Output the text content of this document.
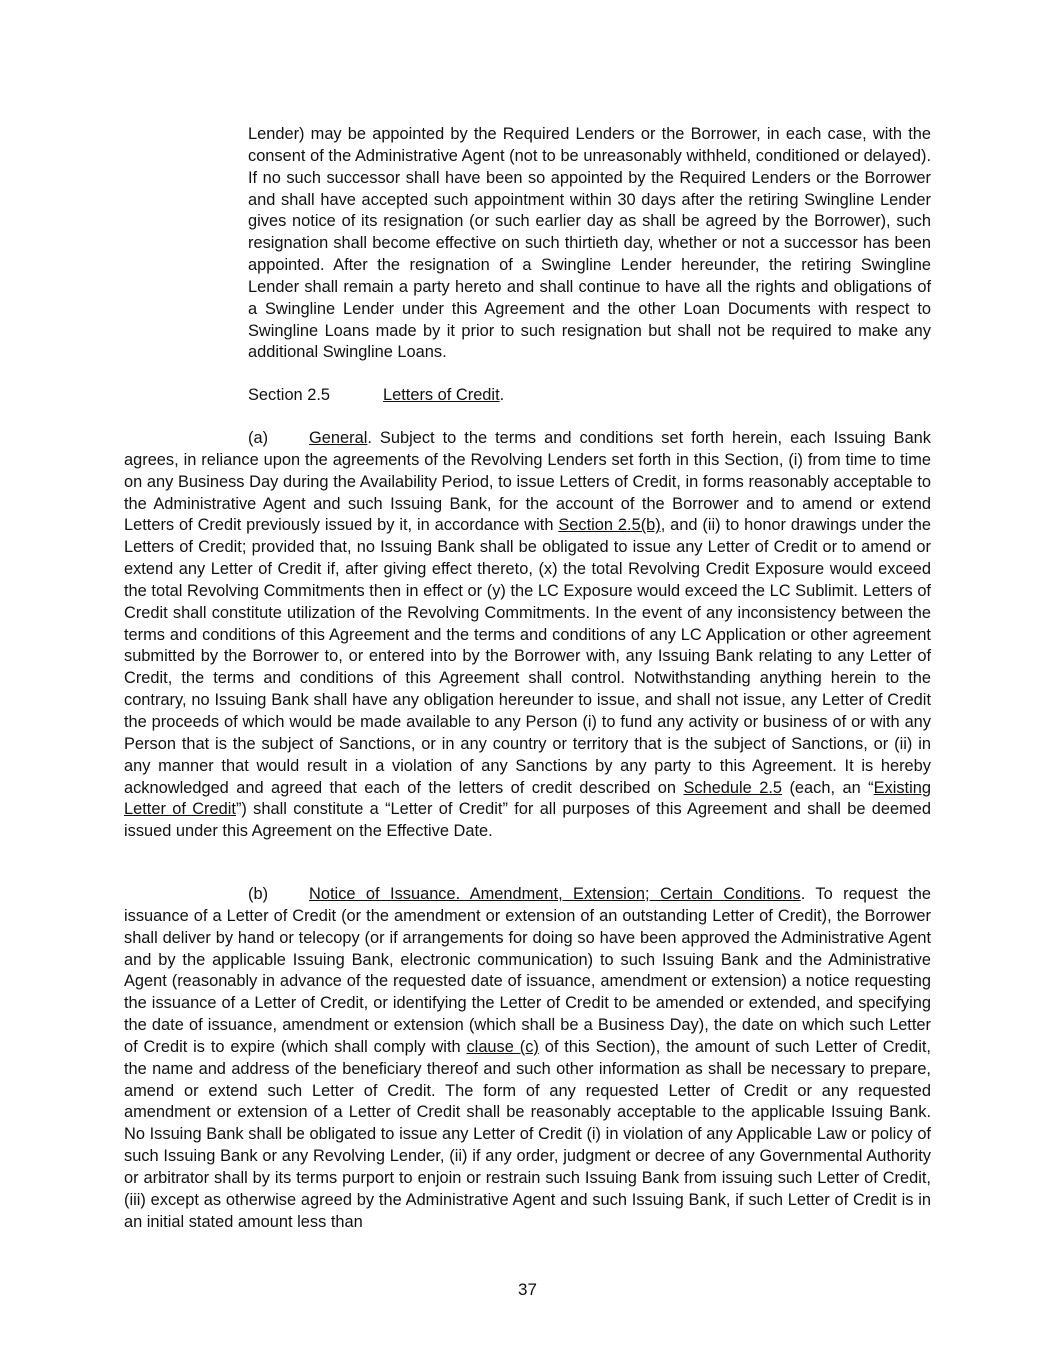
Lender) may be appointed by the Required Lenders or the Borrower, in each case, with the consent of the Administrative Agent (not to be unreasonably withheld, conditioned or delayed). If no such successor shall have been so appointed by the Required Lenders or the Borrower and shall have accepted such appointment within 30 days after the retiring Swingline Lender gives notice of its resignation (or such earlier day as shall be agreed by the Borrower), such resignation shall become effective on such thirtieth day, whether or not a successor has been appointed. After the resignation of a Swingline Lender hereunder, the retiring Swingline Lender shall remain a party hereto and shall continue to have all the rights and obligations of a Swingline Lender under this Agreement and the other Loan Documents with respect to Swingline Loans made by it prior to such resignation but shall not be required to make any additional Swingline Loans.

Section 2.5	Letters of Credit.

(a)	General. Subject to the terms and conditions set forth herein, each Issuing Bank agrees, in reliance upon the agreements of the Revolving Lenders set forth in this Section, (i) from time to time on any Business Day during the Availability Period, to issue Letters of Credit, in forms reasonably acceptable to the Administrative Agent and such Issuing Bank, for the account of the Borrower and to amend or extend Letters of Credit previously issued by it, in accordance with Section 2.5(b), and (ii) to honor drawings under the Letters of Credit; provided that, no Issuing Bank shall be obligated to issue any Letter of Credit or to amend or extend any Letter of Credit if, after giving effect thereto, (x) the total Revolving Credit Exposure would exceed the total Revolving Commitments then in effect or (y) the LC Exposure would exceed the LC Sublimit. Letters of Credit shall constitute utilization of the Revolving Commitments. In the event of any inconsistency between the terms and conditions of this Agreement and the terms and conditions of any LC Application or other agreement submitted by the Borrower to, or entered into by the Borrower with, any Issuing Bank relating to any Letter of Credit, the terms and conditions of this Agreement shall control. Notwithstanding anything herein to the contrary, no Issuing Bank shall have any obligation hereunder to issue, and shall not issue, any Letter of Credit the proceeds of which would be made available to any Person (i) to fund any activity or business of or with any Person that is the subject of Sanctions, or in any country or territory that is the subject of Sanctions, or (ii) in any manner that would result in a violation of any Sanctions by any party to this Agreement. It is hereby acknowledged and agreed that each of the letters of credit described on Schedule 2.5 (each, an “Existing Letter of Credit”) shall constitute a “Letter of Credit” for all purposes of this Agreement and shall be deemed issued under this Agreement on the Effective Date.

(b)	Notice of Issuance. Amendment, Extension; Certain Conditions. To request the issuance of a Letter of Credit (or the amendment or extension of an outstanding Letter of Credit), the Borrower shall deliver by hand or telecopy (or if arrangements for doing so have been approved the Administrative Agent and by the applicable Issuing Bank, electronic communication) to such Issuing Bank and the Administrative Agent (reasonably in advance of the requested date of issuance, amendment or extension) a notice requesting the issuance of a Letter of Credit, or identifying the Letter of Credit to be amended or extended, and specifying the date of issuance, amendment or extension (which shall be a Business Day), the date on which such Letter of Credit is to expire (which shall comply with clause (c) of this Section), the amount of such Letter of Credit, the name and address of the beneficiary thereof and such other information as shall be necessary to prepare, amend or extend such Letter of Credit. The form of any requested Letter of Credit or any requested amendment or extension of a Letter of Credit shall be reasonably acceptable to the applicable Issuing Bank. No Issuing Bank shall be obligated to issue any Letter of Credit (i) in violation of any Applicable Law or policy of such Issuing Bank or any Revolving Lender, (ii) if any order, judgment or decree of any Governmental Authority or arbitrator shall by its terms purport to enjoin or restrain such Issuing Bank from issuing such Letter of Credit, (iii) except as otherwise agreed by the Administrative Agent and such Issuing Bank, if such Letter of Credit is in an initial stated amount less than

37
